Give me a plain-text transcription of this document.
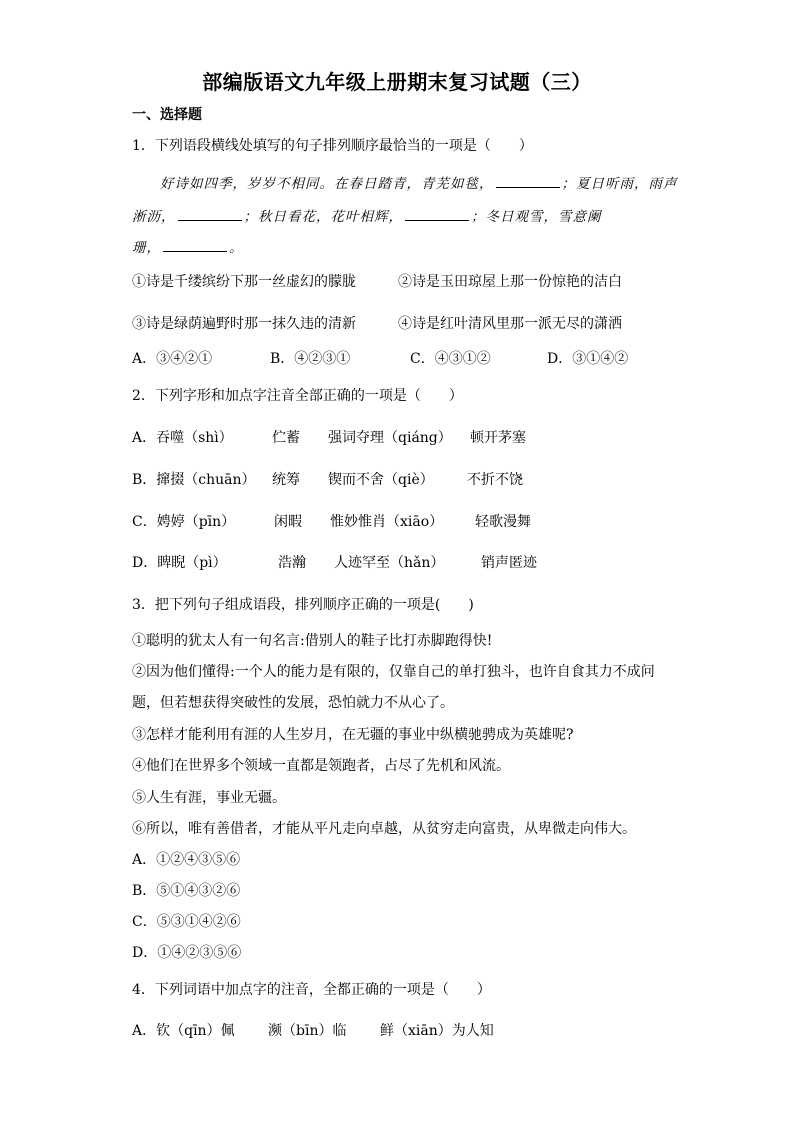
部编版语文九年级上册期末复习试题（三）
一、选择题
1．下列语段横线处填写的句子排列顺序最恰当的一项是（　　）
好诗如四季，岁岁不相同。在春日踏青，青芜如毯，	；夏日听雨，雨声
淅沥，	；秋日看花，花叶相辉，	；冬日观雪，雪意阑
珊，	。
①诗是千缕缤纷下那一丝虚幻的朦胧	②诗是玉田琼屋上那一份惊艳的洁白
③诗是绿荫遍野时那一抹久违的清新	④诗是红叶清风里那一派无尽的潇洒
A．③④②①	B．④②③①	C．④③①②	D．③①④②
2．下列字形和加点字注音全部正确的一项是（　　）
A．吞噬（shì）	伫蓄 强词夺理（qiáng） 顿开茅塞
B．撺掇（chuān） 统筹 锲而不舍（qiè） 不折不饶
C．娉婷（pīn）	闲暇 惟妙惟肖（xiāo） 轻歌漫舞
D．睥睨（pì）	浩瀚 人迹罕至（hǎn）	销声匿迹
3．把下列句子组成语段，排列顺序正确的一项是(　　)
①聪明的犹太人有一句名言:借别人的鞋子比打赤脚跑得快!
②因为他们懂得:一个人的能力是有限的，仅靠自己的单打独斗，也许自食其力不成问
题，但若想获得突破性的发展，恐怕就力不从心了。
③怎样才能利用有涯的人生岁月，在无疆的事业中纵横驰骋成为英雄呢?
④他们在世界多个领域一直都是领跑者，占尽了先机和风流。
⑤人生有涯，事业无疆。
⑥所以，唯有善借者，才能从平凡走向卓越，从贫穷走向富贵，从卑微走向伟大。
A．①②④③⑤⑥
B．⑤①④③②⑥
C．⑤③①④②⑥
D．①④②③⑤⑥
4．下列词语中加点字的注音，全都正确的一项是（　　）
A．钦（qīn）佩 濒（bīn）临 鲜（xiān）为人知
